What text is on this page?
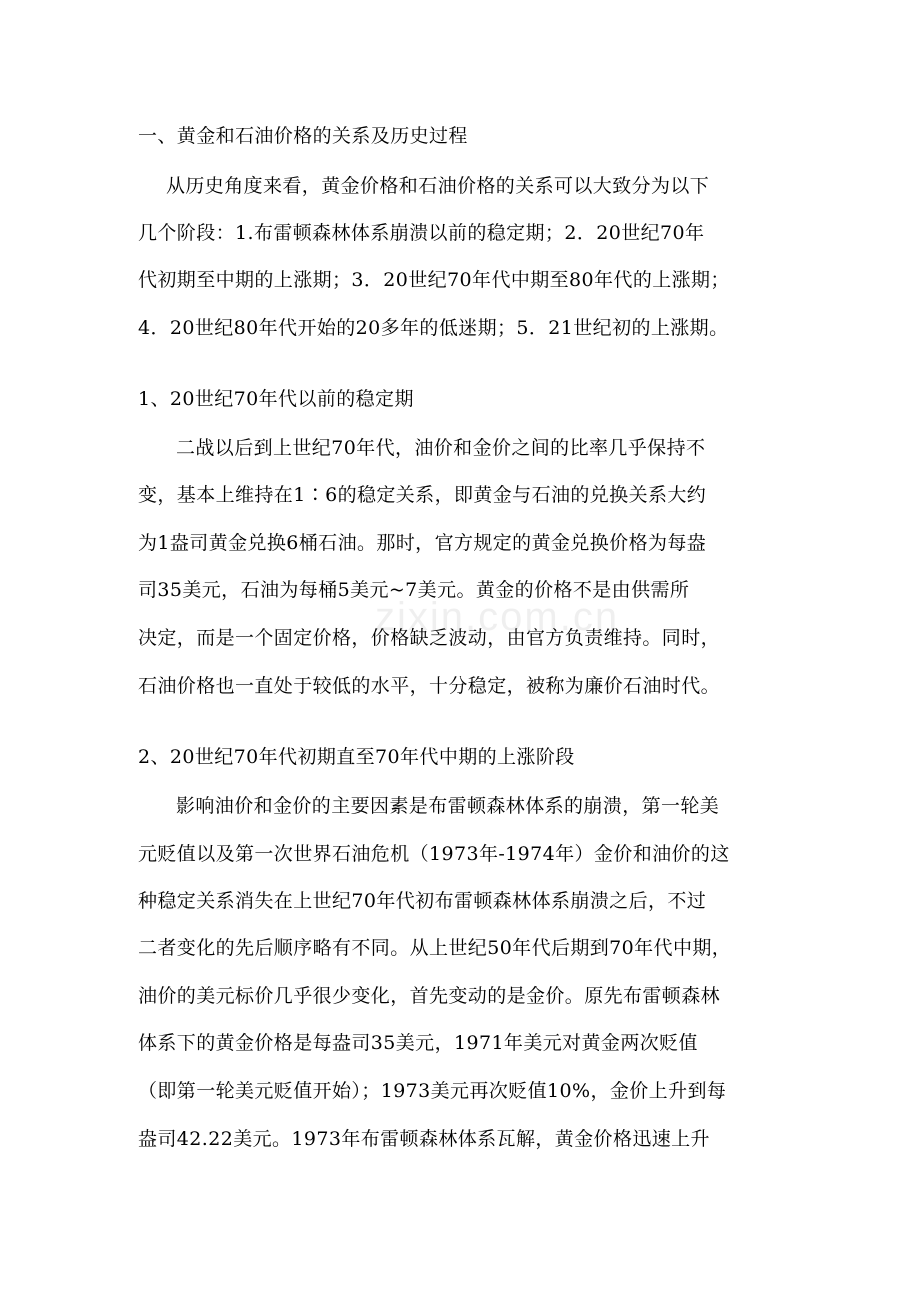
zixin.com.cn
一、黄金和石油价格的关系及历史过程
从历史角度来看，黄金价格和石油价格的关系可以大致分为以下
几个阶段：1.布雷顿森林体系崩溃以前的稳定期；2．20世纪70年
代初期至中期的上涨期；3．20世纪70年代中期至80年代的上涨期；
4．20世纪80年代开始的20多年的低迷期；5．21世纪初的上涨期。
1、20世纪70年代以前的稳定期
二战以后到上世纪70年代，油价和金价之间的比率几乎保持不
变，基本上维持在1∶6的稳定关系，即黄金与石油的兑换关系大约
为1盎司黄金兑换6桶石油。那时，官方规定的黄金兑换价格为每盎
司35美元，石油为每桶5美元~7美元。黄金的价格不是由供需所
决定，而是一个固定价格，价格缺乏波动，由官方负责维持。同时，
石油价格也一直处于较低的水平，十分稳定，被称为廉价石油时代。
2、20世纪70年代初期直至70年代中期的上涨阶段
影响油价和金价的主要因素是布雷顿森林体系的崩溃，第一轮美
元贬值以及第一次世界石油危机（1973年-1974年）金价和油价的这
种稳定关系消失在上世纪70年代初布雷顿森林体系崩溃之后，不过
二者变化的先后顺序略有不同。从上世纪50年代后期到70年代中期，
油价的美元标价几乎很少变化，首先变动的是金价。原先布雷顿森林
体系下的黄金价格是每盎司35美元，1971年美元对黄金两次贬值
（即第一轮美元贬值开始）；1973美元再次贬值10%，金价上升到每
盎司42.22美元。1973年布雷顿森林体系瓦解，黄金价格迅速上升
